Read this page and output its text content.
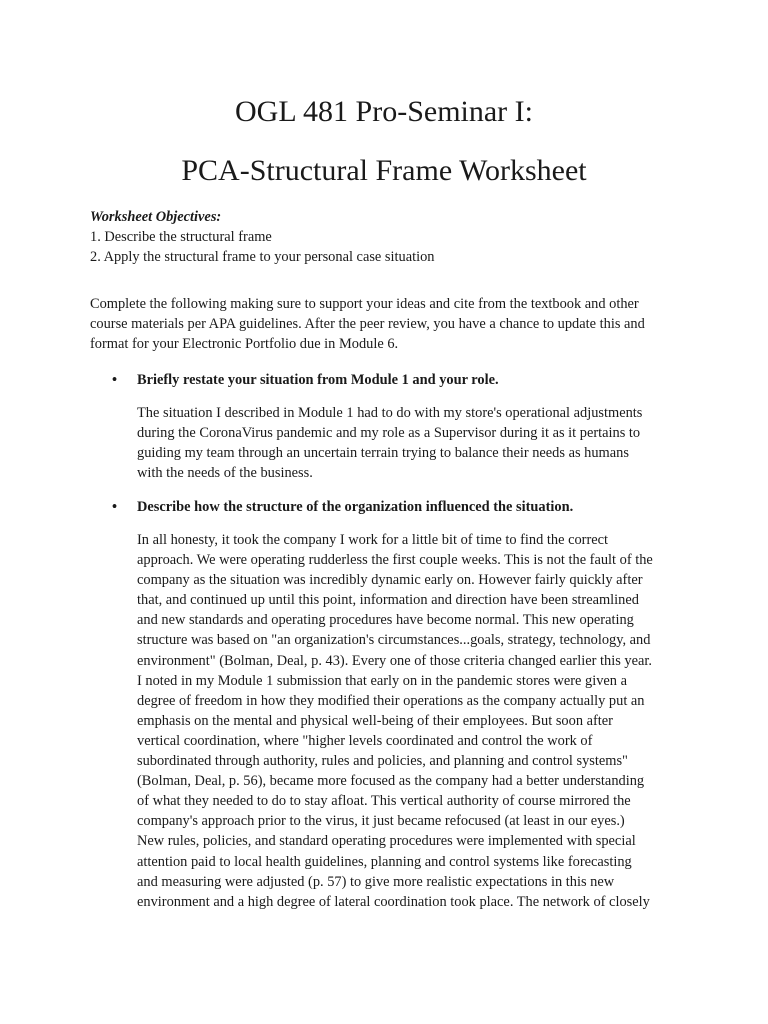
OGL 481 Pro-Seminar I:
PCA-Structural Frame Worksheet
Worksheet Objectives:
1. Describe the structural frame
2. Apply the structural frame to your personal case situation
Complete the following making sure to support your ideas and cite from the textbook and other
course materials per APA guidelines. After the peer review, you have a chance to update this and
format for your Electronic Portfolio due in Module 6.
• Briefly restate your situation from Module 1 and your role.
The situation I described in Module 1 had to do with my store's operational adjustments
during the CoronaVirus pandemic and my role as a Supervisor during it as it pertains to
guiding my team through an uncertain terrain trying to balance their needs as humans
with the needs of the business.
• Describe how the structure of the organization influenced the situation.
In all honesty, it took the company I work for a little bit of time to find the correct
approach. We were operating rudderless the first couple weeks. This is not the fault of the
company as the situation was incredibly dynamic early on. However fairly quickly after
that, and continued up until this point, information and direction have been streamlined
and new standards and operating procedures have become normal. This new operating
structure was based on "an organization's circumstances...goals, strategy, technology, and
environment" (Bolman, Deal, p. 43). Every one of those criteria changed earlier this year.
I noted in my Module 1 submission that early on in the pandemic stores were given a
degree of freedom in how they modified their operations as the company actually put an
emphasis on the mental and physical well-being of their employees. But soon after
vertical coordination, where "higher levels coordinated and control the work of
subordinated through authority, rules and policies, and planning and control systems"
(Bolman, Deal, p. 56), became more focused as the company had a better understanding
of what they needed to do to stay afloat. This vertical authority of course mirrored the
company's approach prior to the virus, it just became refocused (at least in our eyes.)
New rules, policies, and standard operating procedures were implemented with special
attention paid to local health guidelines, planning and control systems like forecasting
and measuring were adjusted (p. 57) to give more realistic expectations in this new
environment and a high degree of lateral coordination took place. The network of closely
